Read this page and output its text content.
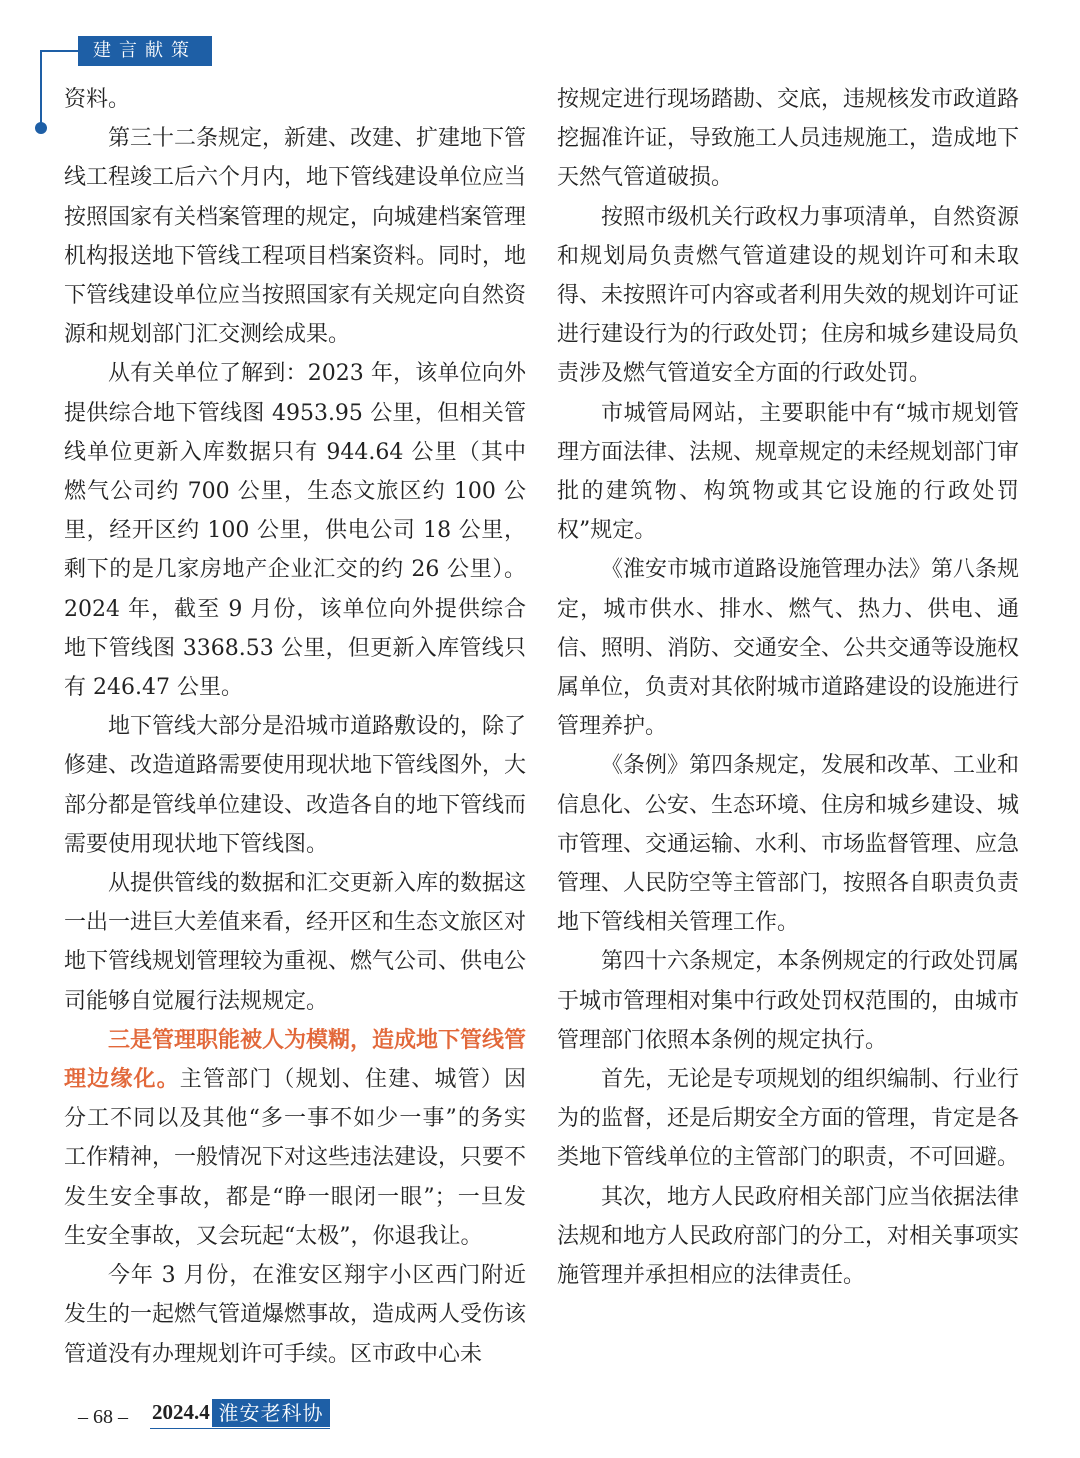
建言献策

资料。

第三十二条规定，新建、改建、扩建地下管线工程竣工后六个月内，地下管线建设单位应当按照国家有关档案管理的规定，向城建档案管理机构报送地下管线工程项目档案资料。同时，地下管线建设单位应当按照国家有关规定向自然资源和规划部门汇交测绘成果。

从有关单位了解到：2023 年，该单位向外提供综合地下管线图 4953.95 公里，但相关管线单位更新入库数据只有 944.64 公里（其中燃气公司约 700 公里，生态文旅区约 100 公里，经开区约 100 公里，供电公司 18 公里，剩下的是几家房地产企业汇交的约 26 公里）。2024 年，截至 9 月份，该单位向外提供综合地下管线图 3368.53 公里，但更新入库管线只有 246.47 公里。

地下管线大部分是沿城市道路敷设的，除了修建、改造道路需要使用现状地下管线图外，大部分都是管线单位建设、改造各自的地下管线而需要使用现状地下管线图。

从提供管线的数据和汇交更新入库的数据这一出一进巨大差值来看，经开区和生态文旅区对地下管线规划管理较为重视、燃气公司、供电公司能够自觉履行法规规定。

三是管理职能被人为模糊，造成地下管线管理边缘化。主管部门（规划、住建、城管）因分工不同以及其他“多一事不如少一事”的务实工作精神，一般情况下对这些违法建设，只要不发生安全事故，都是“睁一眼闭一眼”；一旦发生安全事故，又会玩起“太极”，你退我让。

今年 3 月份，在淮安区翔宇小区西门附近发生的一起燃气管道爆燃事故，造成两人受伤该管道没有办理规划许可手续。区市政中心未

按规定进行现场踏勘、交底，违规核发市政道路挖掘准许证，导致施工人员违规施工，造成地下天然气管道破损。

按照市级机关行政权力事项清单，自然资源和规划局负责燃气管道建设的规划许可和未取得、未按照许可内容或者利用失效的规划许可证进行建设行为的行政处罚；住房和城乡建设局负责涉及燃气管道安全方面的行政处罚。

市城管局网站，主要职能中有“城市规划管理方面法律、法规、规章规定的未经规划部门审批的建筑物、构筑物或其它设施的行政处罚权”规定。

《淮安市城市道路设施管理办法》第八条规定，城市供水、排水、燃气、热力、供电、通信、照明、消防、交通安全、公共交通等设施权属单位，负责对其依附城市道路建设的设施进行管理养护。

《条例》第四条规定，发展和改革、工业和信息化、公安、生态环境、住房和城乡建设、城市管理、交通运输、水利、市场监督管理、应急管理、人民防空等主管部门，按照各自职责负责地下管线相关管理工作。

第四十六条规定，本条例规定的行政处罚属于城市管理相对集中行政处罚权范围的，由城市管理部门依照本条例的规定执行。

首先，无论是专项规划的组织编制、行业行为的监督，还是后期安全方面的管理，肯定是各类地下管线单位的主管部门的职责，不可回避。

其次，地方人民政府相关部门应当依据法律法规和地方人民政府部门的分工，对相关事项实施管理并承担相应的法律责任。

– 68 – 2024.4 淮安老科协
